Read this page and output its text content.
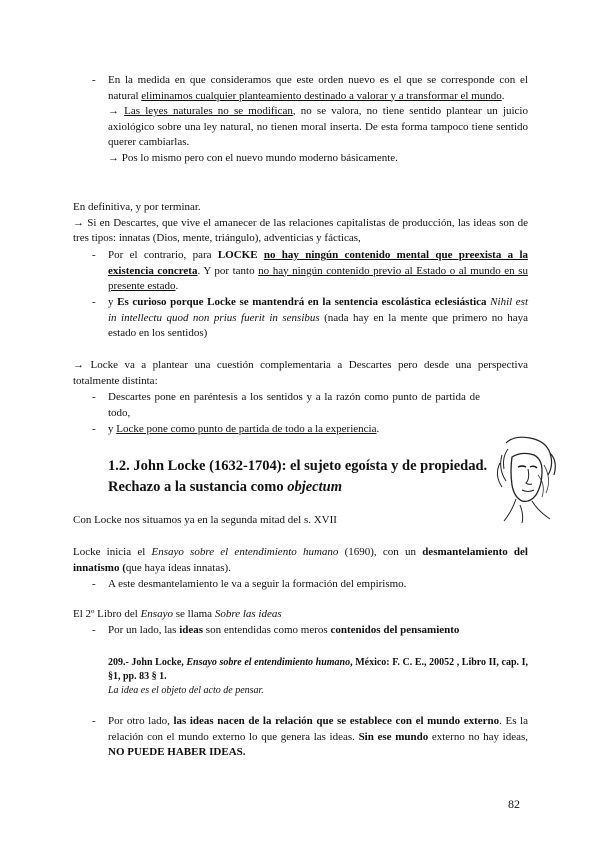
- En la medida en que consideramos que este orden nuevo es el que se corresponde con el natural eliminamos cualquier planteamiento destinado a valorar y a transformar el mundo.

→ Las leyes naturales no se modifican, no se valora, no tiene sentido plantear un juicio axiológico sobre una ley natural, no tienen moral inserta. De esta forma tampoco tiene sentido querer cambiarlas.

→ Pos lo mismo pero con el nuevo mundo moderno básicamente.

En definitiva, y por terminar.

→ Si en Descartes, que vive el amanecer de las relaciones capitalistas de producción, las ideas son de tres tipos: innatas (Dios, mente, triángulo), adventicias y fácticas,

- Por el contrario, para LOCKE no hay ningún contenido mental que preexista a la existencia concreta. Y por tanto no hay ningún contenido previo al Estado o al mundo en su presente estado.

- y Es curioso porque Locke se mantendrá en la sentencia escolástica eclesiástica Nihil est in intellectu quod non prius fuerit in sensibus (nada hay en la mente que primero no haya estado en los sentidos)

→ Locke va a plantear una cuestión complementaria a Descartes pero desde una perspectiva totalmente distinta:

- Descartes pone en paréntesis a los sentidos y a la razón como punto de partida de todo,

- y Locke pone como punto de partida de todo a la experiencia.

1.2. John Locke (1632-1704): el sujeto egoísta y de propiedad.

Rechazo a la sustancia como objectum

Con Locke nos situamos ya en la segunda mitad del s. XVII

Locke inicia el Ensayo sobre el entendimiento humano (1690), con un desmantelamiento del innatismo (que haya ideas innatas).

- A este desmantelamiento le va a seguir la formación del empirismo.

El 2º Libro del Ensayo se llama Sobre las ideas

- Por un lado, las ideas son entendidas como meros contenidos del pensamiento

209.- John Locke, Ensayo sobre el entendimiento humano, México: F. C. E., 20052 , Libro II, cap. I, §1, pp. 83 § 1.

La idea es el objeto del acto de pensar.

- Por otro lado, las ideas nacen de la relación que se establece con el mundo externo. Es la relación con el mundo externo lo que genera las ideas. Sin ese mundo externo no hay ideas, NO PUEDE HABER IDEAS.

82
